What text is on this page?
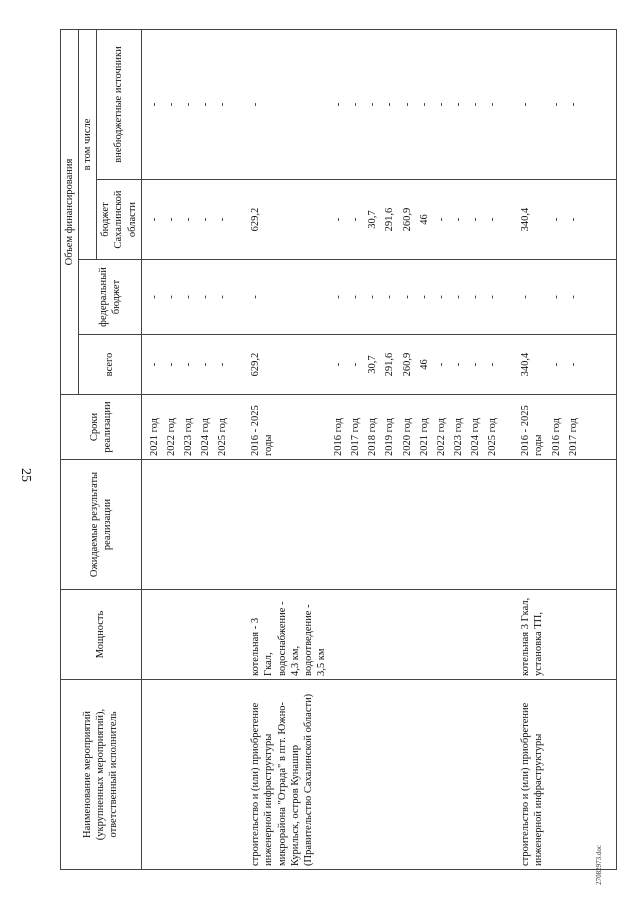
25
27082973.doc
Наименование мероприятий (укрупненных мероприятий), ответственный исполнитель	Мощность	Ожидаемые результаты реализации	Сроки реализации	Объем финансирования			
				всего	федеральный бюджет	в том числе	
						бюджет Сахалинской области	внебюджетные источники
			2021 год	-	-	-	-
			2022 год	-	-	-	-
			2023 год	-	-	-	-
			2024 год	-	-	-	-
			2025 год	-	-	-	-

строительство и (или) приобретение инженерной инфраструктуры микрорайона "Отрада" в пгт. Южно-Курильск, остров Кунашир (Правительство Сахалинской области)	котельная - 3 Гкал, водоснабжение - 4,3 км, водоотведение - 3,5 км		2016 - 2025 годы	629,2	-	629,2	-
			2016 год	-	-	-	-
			2017 год	-	-	-	-
			2018 год	30,7	-	30,7	-
			2019 год	291,6	-	291,6	-
			2020 год	260,9	-	260,9	-
			2021 год	46	-	46	-
			2022 год	-	-	-	-
			2023 год	-	-	-	-
			2024 год	-	-	-	-
			2025 год	-	-	-	-

строительство и (или) приобретение инженерной инфраструктуры	котельная 3 Гкал, установка ТП,		2016 - 2025 годы	340,4	-	340,4	-
			2016 год	-	-	-	-
			2017 год	-	-	-	-
